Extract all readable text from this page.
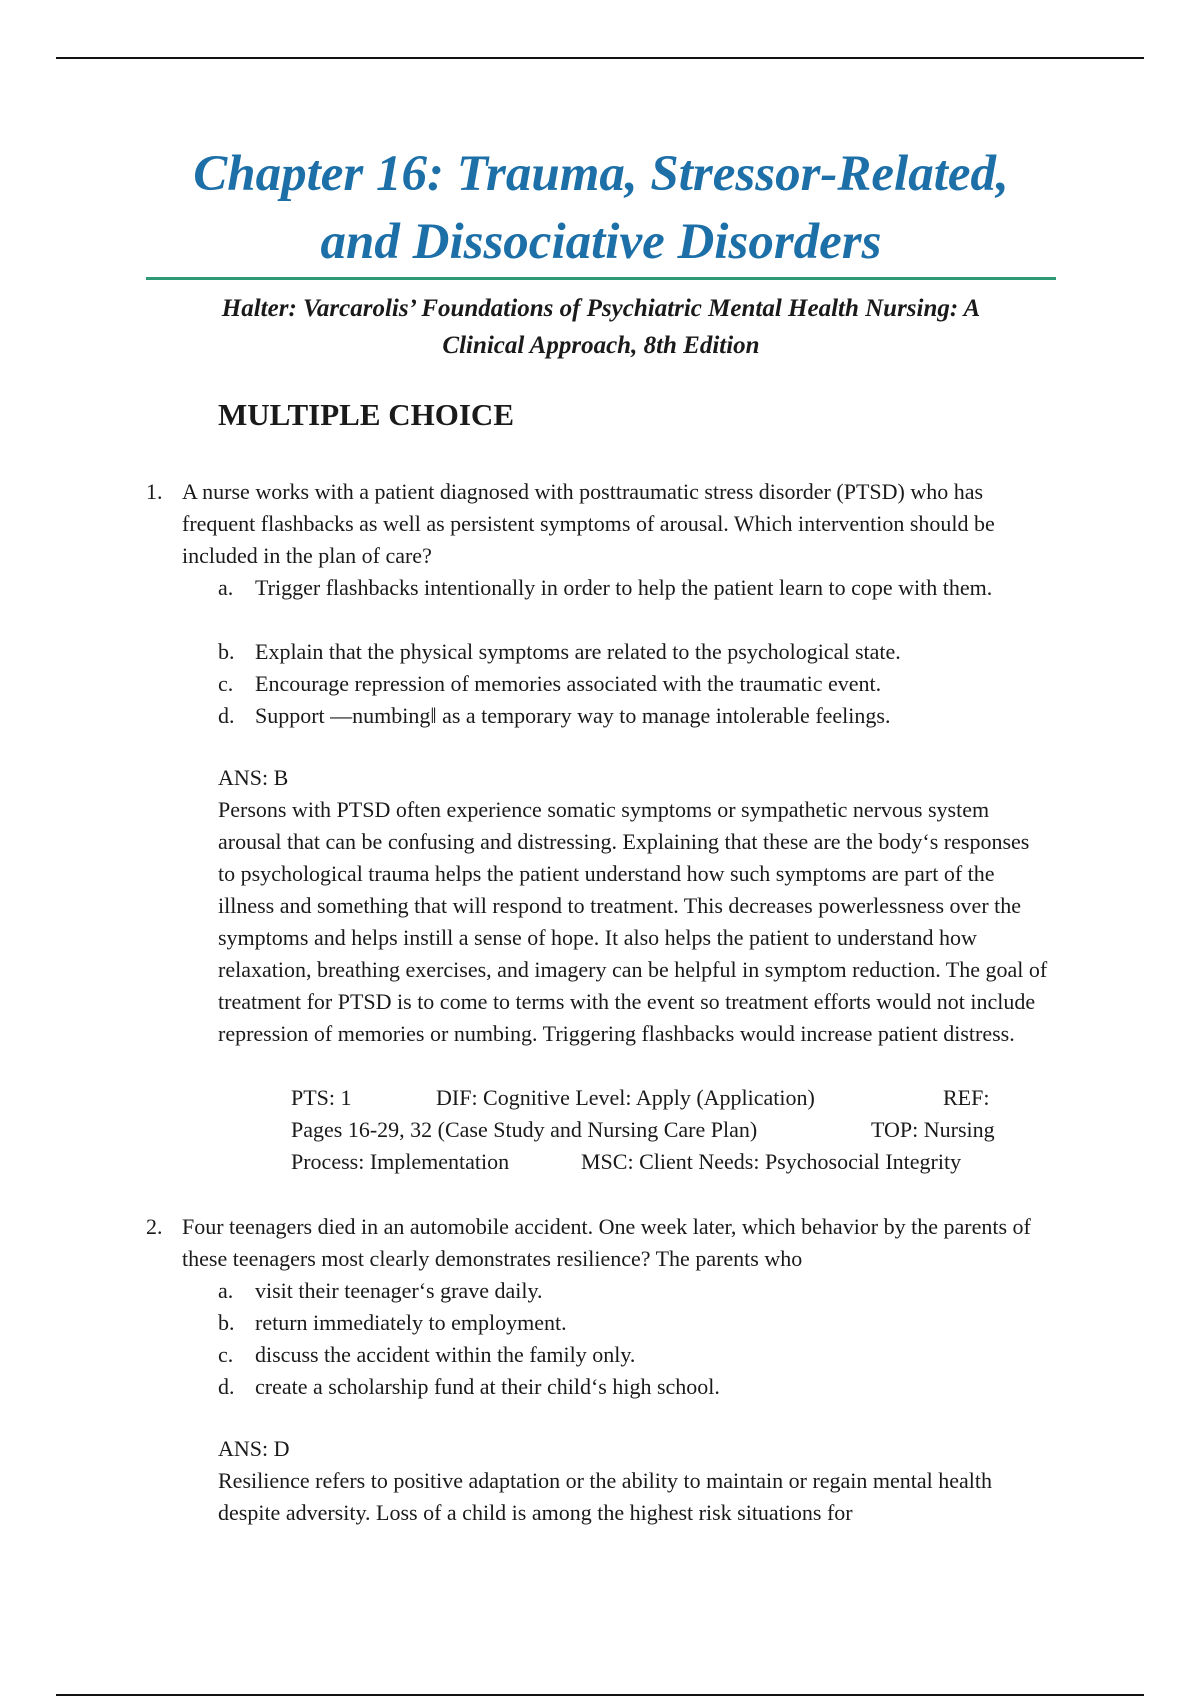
Chapter 16: Trauma, Stressor-Related,
and Dissociative Disorders

Halter: Varcarolis’ Foundations of Psychiatric Mental Health Nursing: A
Clinical Approach, 8th Edition

MULTIPLE CHOICE
1. A nurse works with a patient diagnosed with posttraumatic stress disorder (PTSD) who has frequent flashbacks as well as persistent symptoms of arousal. Which intervention should be included in the plan of care?

a. Trigger flashbacks intentionally in order to help the patient learn to cope with them.

b. Explain that the physical symptoms are related to the psychological state.

c. Encourage repression of memories associated with the traumatic event.

d. Support ―numbing‖ as a temporary way to manage intolerable feelings.

ANS: B

Persons with PTSD often experience somatic symptoms or sympathetic nervous system arousal that can be confusing and distressing. Explaining that these are the body‘s responses to psychological trauma helps the patient understand how such symptoms are part of the illness and something that will respond to treatment. This decreases powerlessness over the symptoms and helps instill a sense of hope. It also helps the patient to understand how relaxation, breathing exercises, and imagery can be helpful in symptom reduction. The goal of treatment for PTSD is to come to terms with the event so treatment efforts would not include repression of memories or numbing. Triggering flashbacks would increase patient distress.

PTS: 1	DIF: Cognitive Level: Apply (Application)	REF:
Pages 16-29, 32 (Case Study and Nursing Care Plan)	TOP: Nursing
Process: Implementation	MSC: Client Needs: Psychosocial Integrity
2. Four teenagers died in an automobile accident. One week later, which behavior by the parents of these teenagers most clearly demonstrates resilience? The parents who

a. visit their teenager‘s grave daily.

b. return immediately to employment.

c. discuss the accident within the family only.

d. create a scholarship fund at their child‘s high school.

ANS: D

Resilience refers to positive adaptation or the ability to maintain or regain mental health despite adversity. Loss of a child is among the highest risk situations for
